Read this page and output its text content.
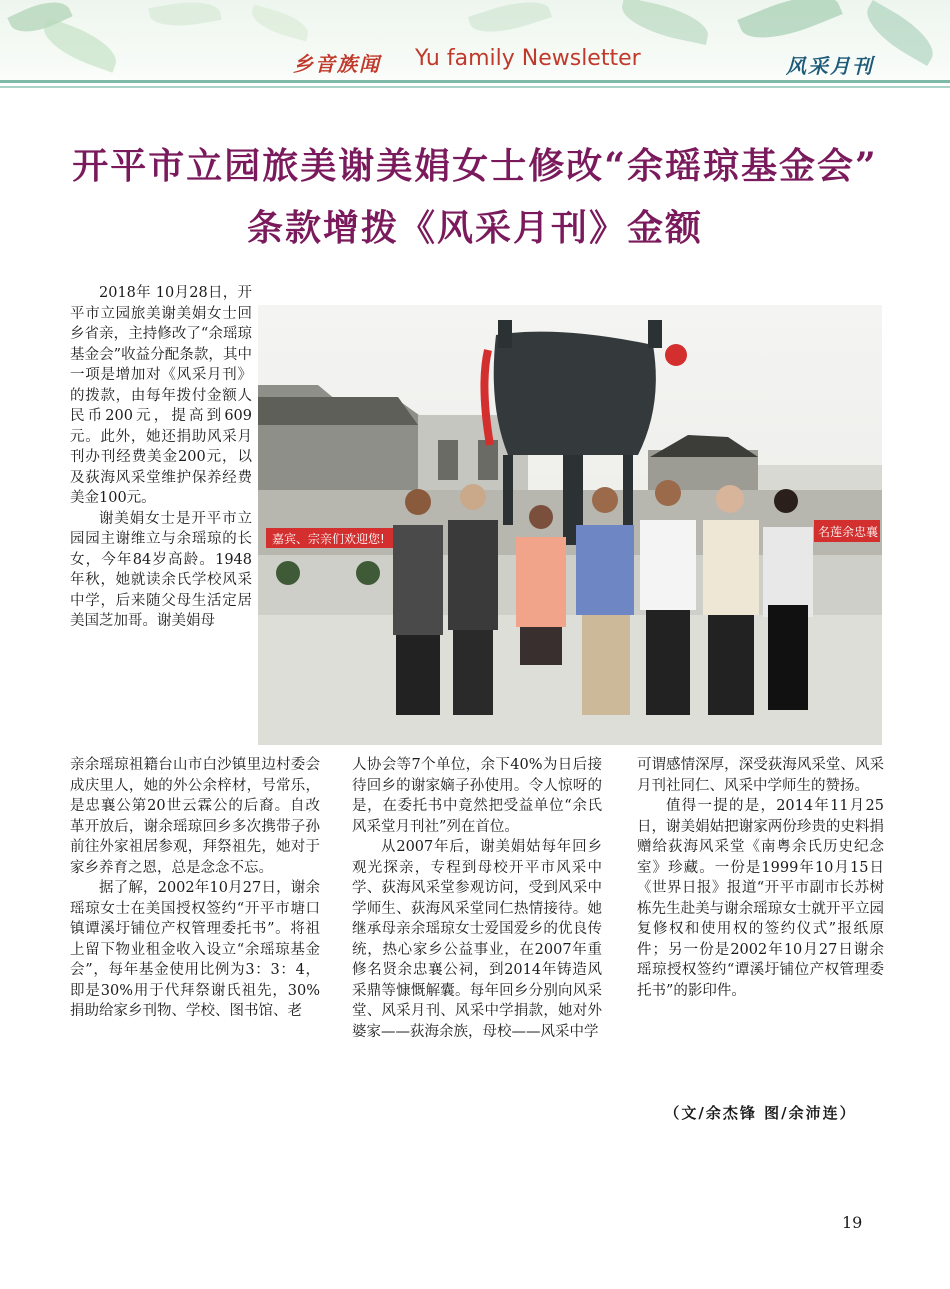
乡音族闻 Yu family Newsletter	风采月刊
开平市立园旅美谢美娟女士修改“余瑶琼基金会”
条款增拨《风采月刊》金额

2018年 10月28日，开平市立园旅美谢美娟女士回乡省亲，主持修改了“余瑶琼基金会”收益分配条款，其中一项是增加对《风采月刊》的拨款，由每年拨付金额人民币200元，提高到609元。此外，她还捐助风采月刊办刊经费美金200元，以及荻海风采堂维护保养经费美金100元。

谢美娟女士是开平市立园园主谢维立与余瑶琼的长女，今年84岁高龄。1948年秋，她就读余氏学校风采中学，后来随父母生活定居美国芝加哥。谢美娟母

嘉宾、宗亲们欢迎您!	名莲余忠襄

亲余瑶琼祖籍台山市白沙镇里边村委会成庆里人，她的外公余梓材，号常乐，是忠襄公第20世云霖公的后裔。自改革开放后，谢余瑶琼回乡多次携带子孙前往外家祖居参观，拜祭祖先，她对于家乡养育之恩，总是念念不忘。

据了解，2002年10月27日，谢余瑶琼女士在美国授权签约“开平市塘口镇谭溪圩铺位产权管理委托书”。将祖上留下物业租金收入设立“余瑶琼基金会”，每年基金使用比例为3：3：4，即是30%用于代拜祭谢氏祖先，30%捐助给家乡刊物、学校、图书馆、老

人协会等7个单位，余下40%为日后接待回乡的谢家嫡子孙使用。令人惊呀的是，在委托书中竟然把受益单位“余氏风采堂月刊社”列在首位。

从2007年后，谢美娟姑每年回乡观光探亲，专程到母校开平市风采中学、荻海风采堂参观访问，受到风采中学师生、荻海风采堂同仁热情接待。她继承母亲余瑶琼女士爱国爱乡的优良传统，热心家乡公益事业，在2007年重修名贤余忠襄公祠，到2014年铸造风采鼎等慷慨解囊。每年回乡分别向风采堂、风采月刊、风采中学捐款，她对外婆家——荻海余族，母校——风采中学

可谓感情深厚，深受荻海风采堂、风采月刊社同仁、风采中学师生的赞扬。

值得一提的是，2014年11月25日，谢美娟姑把谢家两份珍贵的史料捐赠给荻海风采堂《南粤余氏历史纪念室》珍藏。一份是1999年10月15日《世界日报》报道“开平市副市长苏树栋先生赴美与谢余瑶琼女士就开平立园复修权和使用权的签约仪式”报纸原件；另一份是2002年10月27日谢余瑶琼授权签约“谭溪圩铺位产权管理委托书”的影印件。

（文/余杰锋 图/余沛连）
19
